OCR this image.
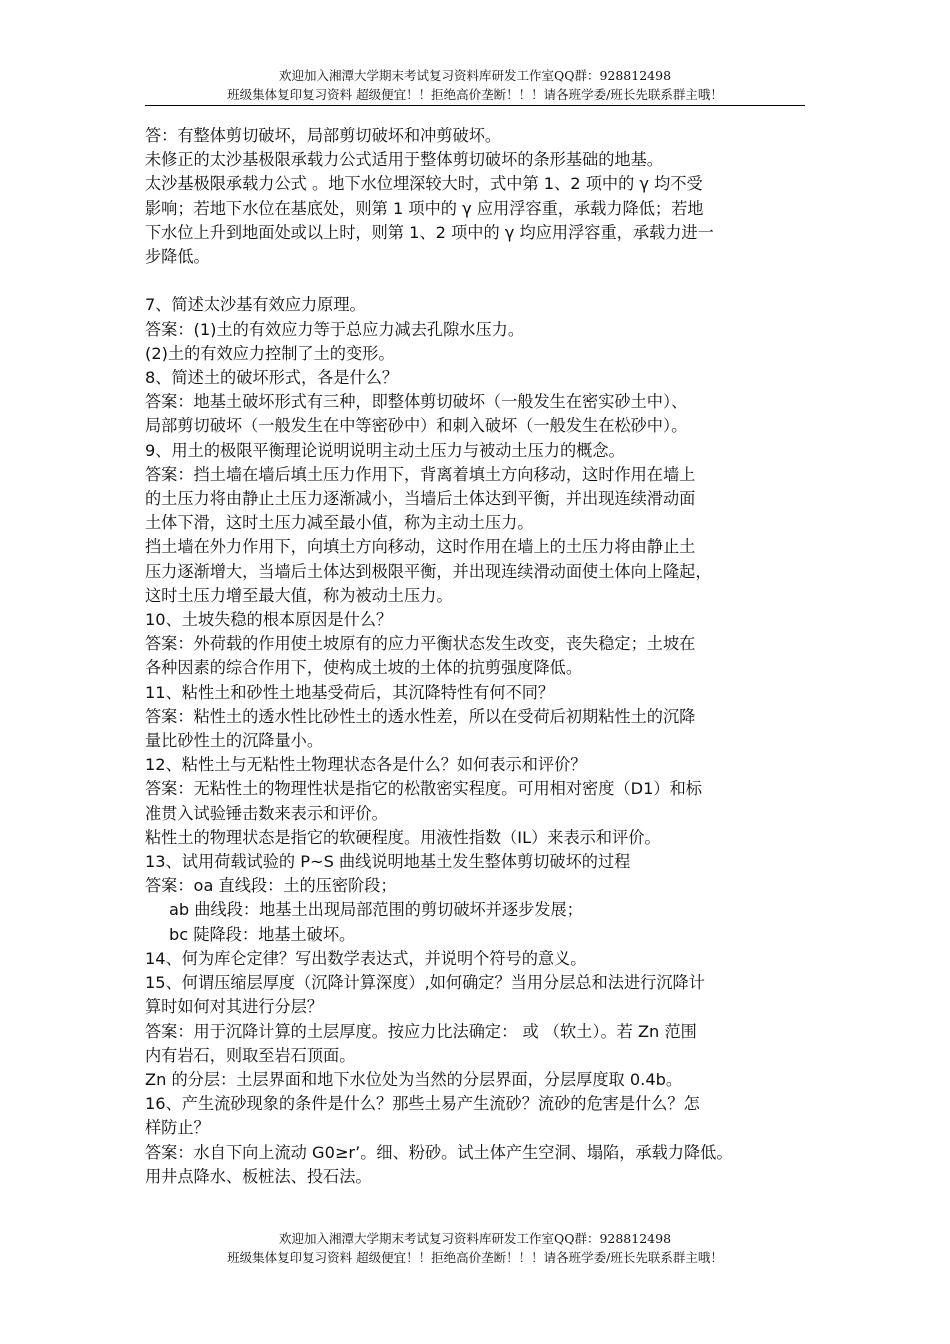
欢迎加入湘潭大学期末考试复习资料库研发工作室QQ群：928812498
班级集体复印复习资料 超级便宜！！拒绝高价垄断！！！请各班学委/班长先联系群主哦！

答：有整体剪切破坏，局部剪切破坏和冲剪破坏。

未修正的太沙基极限承载力公式适用于整体剪切破坏的条形基础的地基。

太沙基极限承载力公式 。地下水位埋深较大时，式中第 1、2 项中的 γ 均不受

影响；若地下水位在基底处，则第 1 项中的 γ 应用浮容重，承载力降低；若地

下水位上升到地面处或以上时，则第 1、2 项中的 γ 均应用浮容重，承载力进一

步降低。

7、简述太沙基有效应力原理。

答案：(1)土的有效应力等于总应力减去孔隙水压力。

(2)土的有效应力控制了土的变形。

8、简述土的破坏形式，各是什么？

答案：地基土破坏形式有三种，即整体剪切破坏（一般发生在密实砂土中）、

局部剪切破坏（一般发生在中等密砂中）和刺入破坏（一般发生在松砂中）。

9、用土的极限平衡理论说明说明主动土压力与被动土压力的概念。

答案：挡土墙在墙后填土压力作用下，背离着填土方向移动，这时作用在墙上

的土压力将由静止土压力逐渐减小，当墙后土体达到平衡，并出现连续滑动面

土体下滑，这时土压力减至最小值，称为主动土压力。

挡土墙在外力作用下，向填土方向移动，这时作用在墙上的土压力将由静止土

压力逐渐增大，当墙后土体达到极限平衡，并出现连续滑动面使土体向上隆起，

这时土压力增至最大值，称为被动土压力。

10、土坡失稳的根本原因是什么？

答案：外荷载的作用使土坡原有的应力平衡状态发生改变，丧失稳定；土坡在

各种因素的综合作用下，使构成土坡的土体的抗剪强度降低。

11、粘性土和砂性土地基受荷后，其沉降特性有何不同？

答案：粘性土的透水性比砂性土的透水性差，所以在受荷后初期粘性土的沉降

量比砂性土的沉降量小。

12、粘性土与无粘性土物理状态各是什么？如何表示和评价？

答案：无粘性土的物理性状是指它的松散密实程度。可用相对密度（D1）和标

准贯入试验锤击数来表示和评价。

粘性土的物理状态是指它的软硬程度。用液性指数（IL）来表示和评价。

13、试用荷载试验的 P~S 曲线说明地基土发生整体剪切破坏的过程

答案：oa 直线段：土的压密阶段；

ab 曲线段：地基土出现局部范围的剪切破坏并逐步发展；

bc 陡降段：地基土破坏。

14、何为库仑定律？写出数学表达式，并说明个符号的意义。

15、何谓压缩层厚度（沉降计算深度）,如何确定？当用分层总和法进行沉降计

算时如何对其进行分层？

答案：用于沉降计算的土层厚度。按应力比法确定： 或 （软土）。若 Zn 范围

内有岩石，则取至岩石顶面。

Zn 的分层：土层界面和地下水位处为当然的分层界面，分层厚度取 0.4b。

16、产生流砂现象的条件是什么？那些土易产生流砂？流砂的危害是什么？怎

样防止？

答案：水自下向上流动 G0≥r’。细、粉砂。试土体产生空洞、塌陷，承载力降低。

用井点降水、板桩法、投石法。

欢迎加入湘潭大学期末考试复习资料库研发工作室QQ群：928812498
班级集体复印复习资料 超级便宜！！拒绝高价垄断！！！请各班学委/班长先联系群主哦！
